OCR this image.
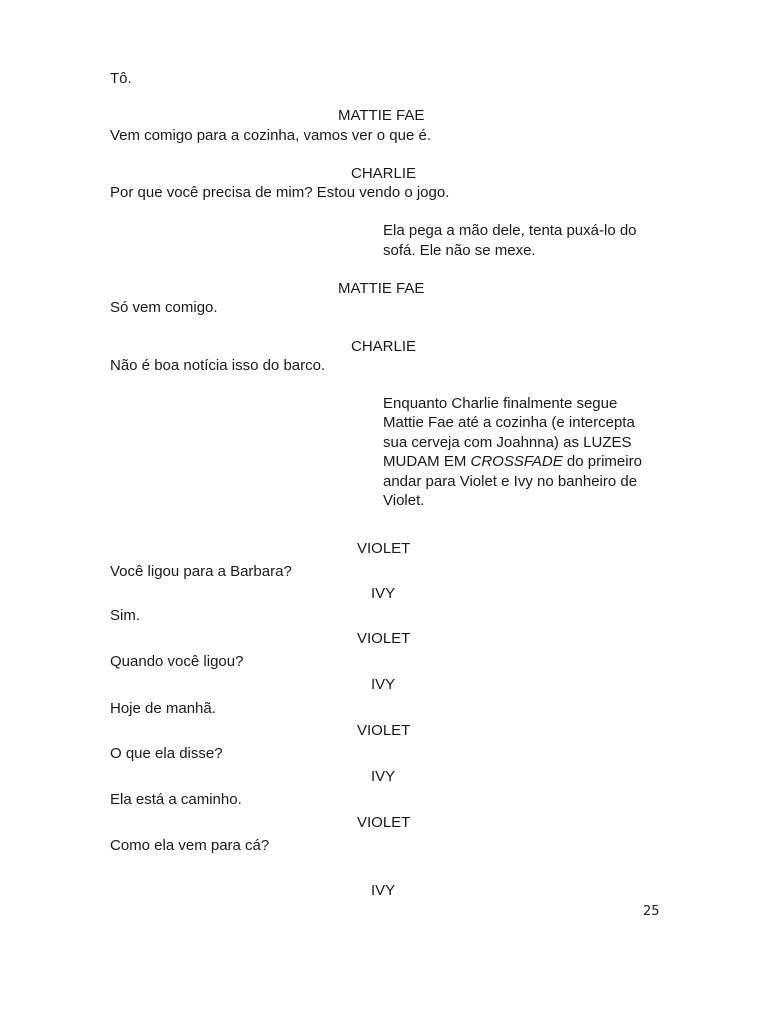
Tô.
MATTIE FAE
Vem comigo para a cozinha, vamos ver o que é.
CHARLIE
Por que você precisa de mim? Estou vendo o jogo.
Ela pega a mão dele, tenta puxá-lo do
sofá. Ele não se mexe.
MATTIE FAE
Só vem comigo.
CHARLIE
Não é boa notícia isso do barco.
Enquanto Charlie finalmente segue
Mattie Fae até a cozinha (e intercepta
sua cerveja com Joahnna) as LUZES
MUDAM EM CROSSFADE do primeiro
andar para Violet e Ivy no banheiro de
Violet.
VIOLET
Você ligou para a Barbara?
IVY
Sim.
VIOLET
Quando você ligou?
IVY
Hoje de manhã.
VIOLET
O que ela disse?
IVY
Ela está a caminho.
VIOLET
Como ela vem para cá?
IVY
25
